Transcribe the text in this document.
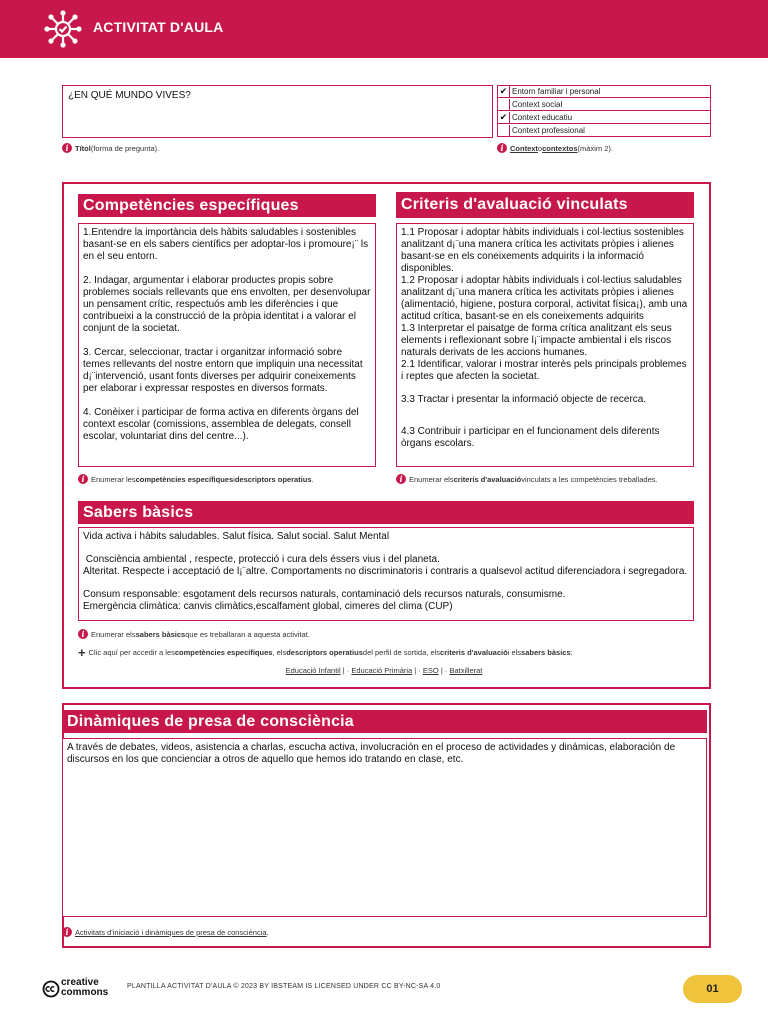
ACTIVITAT D'AULA
¿EN QUÉ MUNDO VIVES?
i Títol (forma de pregunta).
✔ Entorn familiar i personal
Context social
✔ Context educatiu
Context professional
i Context o contextos (màxim 2).
Competències específiques	Criteris d'avaluació vinculats
1.Entendre la importància dels hàbits saludables i sostenibles basant-se en els sabers científics per adoptar-los i promoure¡¨ ls en el seu entorn.
2. Indagar, argumentar i elaborar productes propis sobre problemes socials rellevants que ens envolten, per desenvolupar un pensament crític, respectuós amb les diferències i que contribueixi a la construcció de la pròpia identitat i a valorar el conjunt de la societat.
3. Cercar, seleccionar, tractar i organitzar informació sobre temes rellevants del nostre entorn que impliquin una necessitat d¡¨intervenció, usant fonts diverses per adquirir coneixements per elaborar i expressar respostes en diversos formats.
4. Conèixer i participar de forma activa en diferents òrgans del context escolar (comissions, assemblea de delegats, consell escolar, voluntariat dins del centre...).
1.1 Proposar i adoptar hàbits individuals i col·lectius sostenibles analitzant d¡¨una manera crítica les activitats pròpies i alienes basant-se en els coneixements adquirits i la informació disponibles.
1.2 Proposar i adoptar hàbits individuals i col·lectius saludables analitzant d¡¨una manera crítica les activitats pròpies i alienes (alimentació, higiene, postura corporal, activitat física¡), amb una actitud crítica, basant-se en els coneixements adquirits
1.3 Interpretar el paisatge de forma crítica analitzant els seus elements i reflexionant sobre l¡¨impacte ambiental i els riscos naturals derivats de les accions humanes.
2.1 Identificar, valorar i mostrar interès pels principals problemes i reptes que afecten la societat.
3.3 Tractar i presentar la informació objecte de recerca.
4.3 Contribuir i participar en el funcionament dels diferents òrgans escolars.
i Enumerar les competències específiques i descriptors operatius .	i Enumerar els criteris d'avaluació vinculats a les competències treballades.
Sabers bàsics
Vida activa i hàbits saludables. Salut física. Salut social. Salut Mental
Consciència ambiental , respecte, protecció i cura dels éssers vius i del planeta.
Alteritat. Respecte i acceptació de l¡¨altre. Comportaments no discriminatoris i contraris a qualsevol actitud diferenciadora i segregadora.
Consum responsable: esgotament dels recursos naturals, contaminació dels recursos naturals, consumisme.
Emergència climàtica: canvis climàtics,escalfament global, cimeres del clima (CUP)
i Enumerar els sabers bàsics que es treballaran a aquesta activitat.
+ Clic aquí per accedir a les competències específiques , els descriptors operatius del perfil de sortida, els criteris d'avaluació i els sabers bàsics :
Educació Infantil | · Educació Primària | · ESO | · Batxillerat
Dinàmiques de presa de consciència
A través de debates, videos, asistencia a charlas, escucha activa, involucración en el proceso de actividades y dinámicas, elaboración de discursos en los que concienciar a otros de aquello que hemos ido tratando en clase, etc.
i Activitats d'iniciació i dinàmiques de presa de consciència .
creative
commons
PLANTILLA ACTIVITAT D'AULA © 2023 BY IBSTEAM IS LICENSED UNDER CC BY-NC-SA 4.0	01
